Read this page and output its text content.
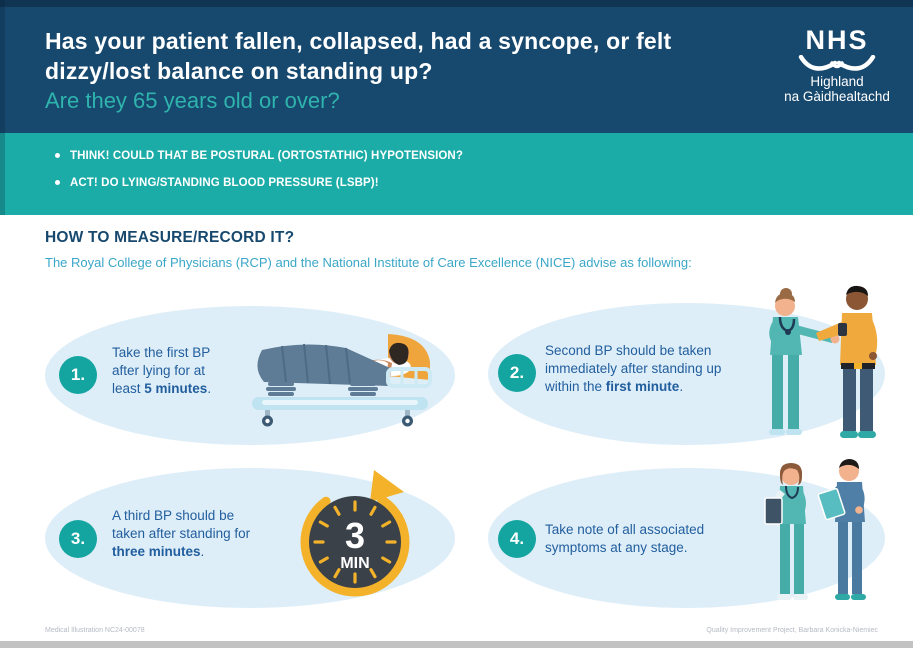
Has your patient fallen, collapsed, had a syncope, or felt
dizzy/lost balance on standing up?
Are they 65 years old or over?
NHS
Highland
na Gàidhealtachd
THINK! COULD THAT BE POSTURAL (ORTOSTATHIC) HYPOTENSION?
ACT! DO LYING/STANDING BLOOD PRESSURE (LSBP)!
HOW TO MEASURE/RECORD IT?
The Royal College of Physicians (RCP) and the National Institute of Care Excellence (NICE) advise as following:
1.	2.
3.	4.
Take the first BP after lying for at least 5 minutes.
Second BP should be taken immediately after standing up within the first minute.
A third BP should be taken after standing for three minutes.
Take note of all associated symptoms at any stage.
3
MIN
Medical Illustration NC24-00078	Quality Improvement Project, Barbara Konicka-Niemiec
